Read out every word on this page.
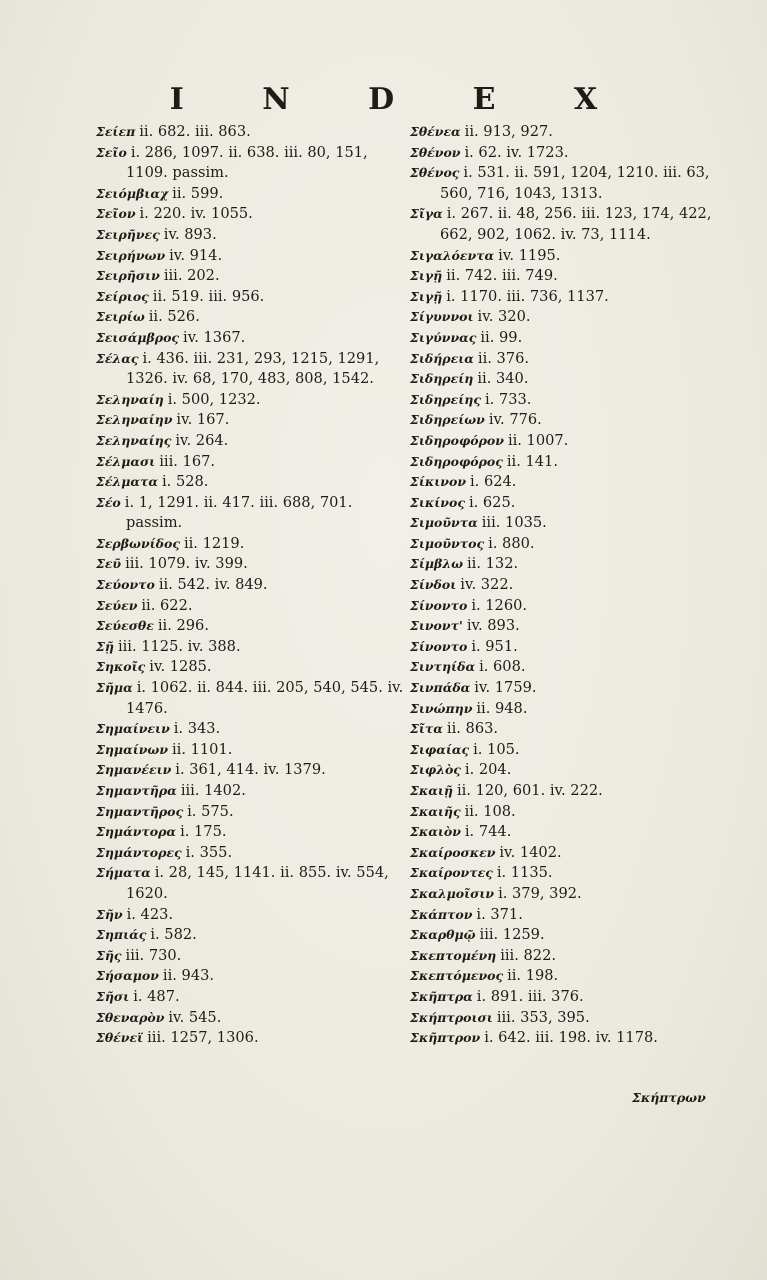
I N D E X
Σείεπ ii. 682. iii. 863.
Σεῖο i. 286, 1097. ii. 638. iii. 80, 151, 1109. passim.
Σειόμβιαχ ii. 599.
Σεῖον i. 220. iv. 1055.
Σειρῆνες iv. 893.
Σειρήνων iv. 914.
Σειρῆσιν iii. 202.
Σείριος ii. 519. iii. 956.
Σειρίω ii. 526.
Σεισάμβρος iv. 1367.
Σέλας i. 436. iii. 231, 293, 1215, 1291, 1326. iv. 68, 170, 483, 808, 1542.
Σεληναίη i. 500, 1232.
Σεληναίην iv. 167.
Σεληναίης iv. 264.
Σέλμασι iii. 167.
Σέλματα i. 528.
Σέο i. 1, 1291. ii. 417. iii. 688, 701. passim.
Σερβωνίδος ii. 1219.
Σεῦ iii. 1079. iv. 399.
Σεύοντο ii. 542. iv. 849.
Σεύεν ii. 622.
Σεύεσθε ii. 296.
Σῇ iii. 1125. iv. 388.
Σηκοῖς iv. 1285.
Σῆμα i. 1062. ii. 844. iii. 205, 540, 545. iv. 1476.
Σημαίνειν i. 343.
Σημαίνων ii. 1101.
Σημανέειν i. 361, 414. iv. 1379.
Σημαντῆρα iii. 1402.
Σημαντῆρος i. 575.
Σημάντορα i. 175.
Σημάντορες i. 355.
Σήματα i. 28, 145, 1141. ii. 855. iv. 554, 1620.
Σῆν i. 423.
Σηπιάς i. 582.
Σῆς iii. 730.
Σήσαμον ii. 943.
Σῆσι i. 487.
Σθεναρὸν iv. 545.
Σθένεϊ iii. 1257, 1306.
Σθένεα ii. 913, 927.
Σθένον i. 62. iv. 1723.
Σθένος i. 531. ii. 591, 1204, 1210. iii. 63, 560, 716, 1043, 1313.
Σῖγα i. 267. ii. 48, 256. iii. 123, 174, 422, 662, 902, 1062. iv. 73, 1114.
Σιγαλόεντα iv. 1195.
Σιγῇ ii. 742. iii. 749.
Σιγῇ i. 1170. iii. 736, 1137.
Σίγυννοι iv. 320.
Σιγύννας ii. 99.
Σιδήρεια ii. 376.
Σιδηρείη ii. 340.
Σιδηρείης i. 733.
Σιδηρείων iv. 776.
Σιδηροφόρον ii. 1007.
Σιδηροφόρος ii. 141.
Σίκινον i. 624.
Σικίνος i. 625.
Σιμοῦντα iii. 1035.
Σιμοῦντος i. 880.
Σίμβλω ii. 132.
Σίνδοι iv. 322.
Σίνοντο i. 1260.
Σινοντ' iv. 893.
Σίνοντο i. 951.
Σιντηίδα i. 608.
Σινπάδα iv. 1759.
Σινώπην ii. 948.
Σῖτα ii. 863.
Σιφαίας i. 105.
Σιφλὸς i. 204.
Σκαιῇ ii. 120, 601. iv. 222.
Σκαιῆς ii. 108.
Σκαιὸν i. 744.
Σκαίροσκεν iv. 1402.
Σκαίροντες i. 1135.
Σκαλμοῖσιν i. 379, 392.
Σκάπτον i. 371.
Σκαρθμῷ iii. 1259.
Σκεπτομένη iii. 822.
Σκεπτόμενος ii. 198.
Σκῆπτρα i. 891. iii. 376.
Σκήπτροισι iii. 353, 395.
Σκῆπτρον i. 642. iii. 198. iv. 1178.
Σκήπτρων
